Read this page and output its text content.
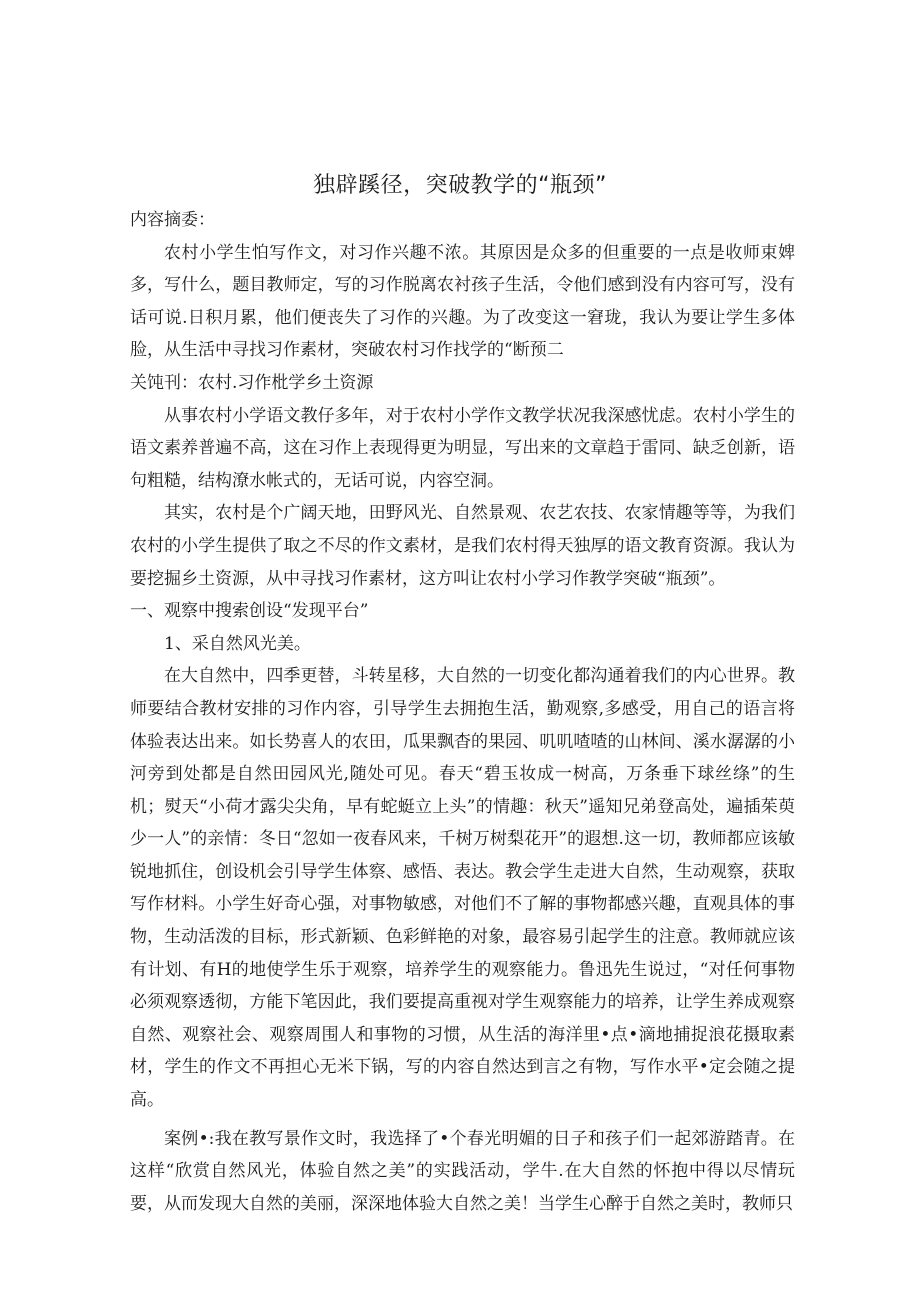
独辟蹊径，突破教学的“瓶颈”

内容摘委：

农村小学生怕写作文，对习作兴趣不浓。其原因是众多的但重要的一点是收师束婢多，写什么，题目教师定，写的习作脱离农衬孩子生活，令他们感到没有内容可写，没有话可说.日积月累，他们便丧失了习作的兴趣。为了改变这一窘珑，我认为要让学生多体脸，从生活中寻找习作素材，突破农村习作找学的“断预二

关饨刊：农村.习作枇学乡土资源

从事农村小学语文教仔多年，对于农村小学作文教学状况我深感忧虑。农村小学生的语文素养普遍不高，这在习作上表现得更为明显，写出来的文章趋于雷同、缺乏创新，语句粗糙，结构潦水帐式的，无话可说，内容空洞。

其实，农村是个广阔天地，田野风光、自然景观、农艺农技、农家情趣等等，为我们农村的小学生提供了取之不尽的作文素材，是我们农村得天独厚的语文教育资源。我认为要挖掘乡土资源，从中寻找习作素材，这方叫让农村小学习作教学突破“瓶颈”。

一、观察中搜索创设“发现平台”

1、采自然风光美。

在大自然中，四季更替，斗转星移，大自然的一切变化都沟通着我们的内心世界。教师要结合教材安排的习作内容，引导学生去拥抱生活，勤观察,多感受，用自己的语言将体验表达出来。如长势喜人的农田，瓜果飘杳的果园、叽叽喳喳的山林间、溪水潺潺的小河旁到处都是自然田园风光,随处可见。春天“碧玉妆成一树高，万条垂下球丝绦”的生机；熨天“小荷才露尖尖角，早有蛇蜓立上头”的情趣：秋天”遥知兄弟登高处，遍插茱萸少一人”的亲情：冬日“忽如一夜春风来，千树万树梨花开”的遐想.这一切，教师都应该敏锐地抓住，创设机会引导学生体察、感悟、表达。教会学生走进大自然，生动观察，获取写作材料。小学生好奇心强，对事物敏感，对他们不了解的事物都感兴趣，直观具体的事物，生动活泼的目标，形式新颖、色彩鲜艳的对象，最容易引起学生的注意。教师就应该有计划、有H的地使学生乐于观察，培养学生的观察能力。鲁迅先生说过，“对任何事物必须观察透彻，方能下笔因此，我们要提高重视对学生观察能力的培养，让学生养成观察自然、观察社会、观察周围人和事物的习惯，从生活的海洋里•点•滴地捕捉浪花摄取素材，学生的作文不再担心无米下锅，写的内容自然达到言之有物，写作水平•定会随之提高。

案例•:我在教写景作文时，我选择了•个春光明媚的日子和孩子们一起郊游踏青。在这样“欣赏自然风光，体验自然之美”的实践活动，学牛.在大自然的怀抱中得以尽情玩要，从而发现大自然的美丽，深深地体验大自然之美！当学生心醉于自然之美时，教师只
